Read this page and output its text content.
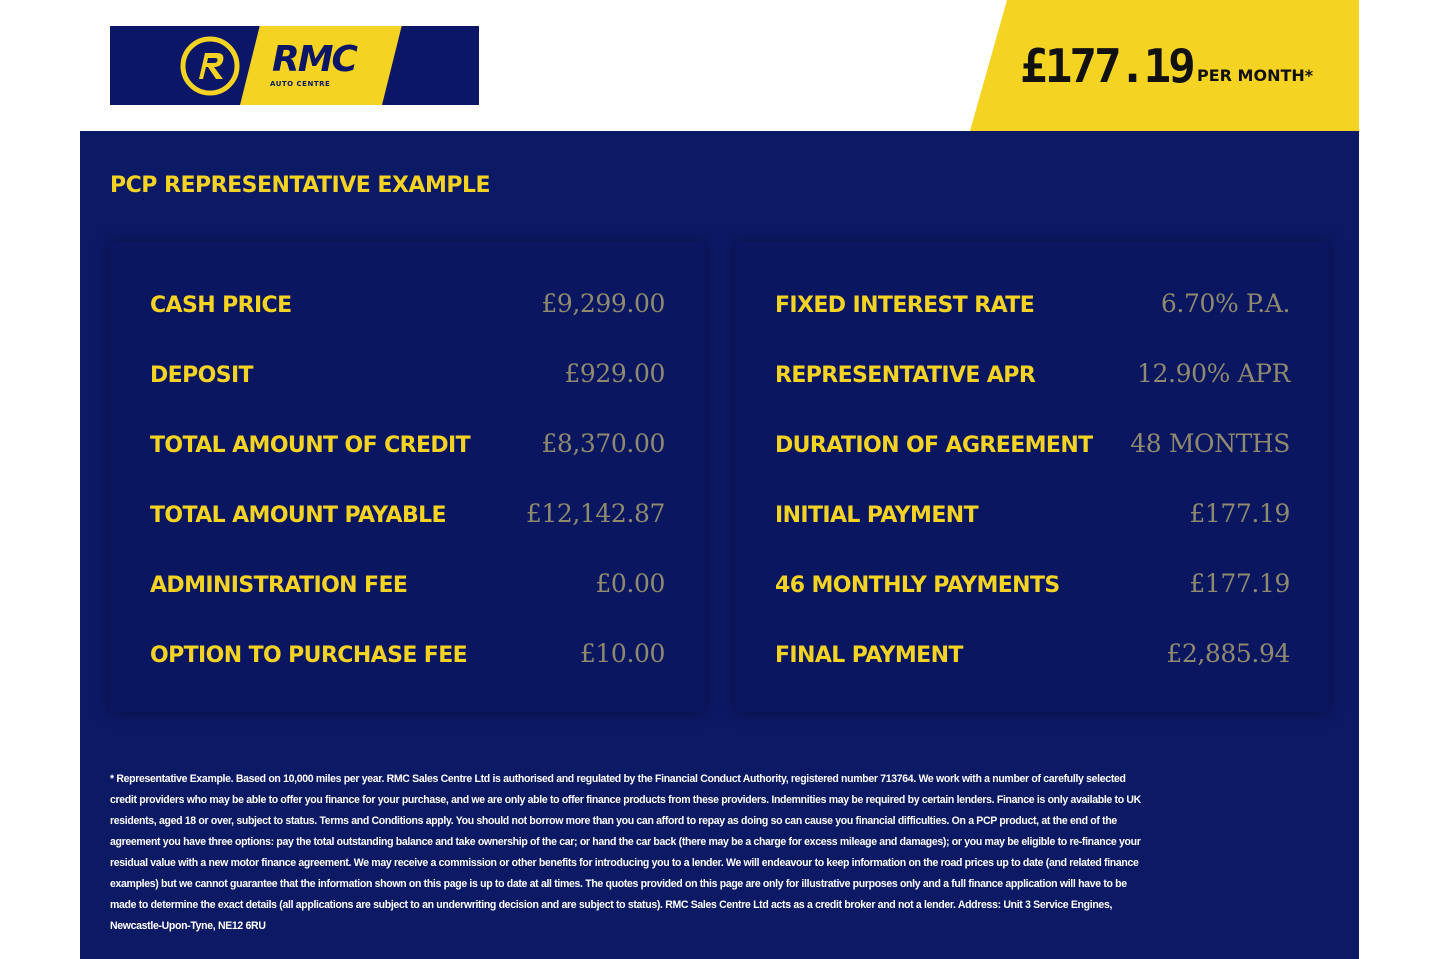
RMC
AUTO CENTRE	£177.19 PER MONTH*
PCP REPRESENTATIVE EXAMPLE
CASH PRICE	£9,299.00
DEPOSIT	£929.00
TOTAL AMOUNT OF CREDIT	£8,370.00
TOTAL AMOUNT PAYABLE	£12,142.87
ADMINISTRATION FEE	£0.00
OPTION TO PURCHASE FEE	£10.00
FIXED INTEREST RATE	6.70% P.A.
REPRESENTATIVE APR	12.90% APR
DURATION OF AGREEMENT 48 MONTHS
INITIAL PAYMENT	£177.19
46 MONTHLY PAYMENTS	£177.19
FINAL PAYMENT	£2,885.94
* Representative Example. Based on 10,000 miles per year. RMC Sales Centre Ltd is authorised and regulated by the Financial Conduct Authority, registered number 713764. We work with a number of carefully selected credit providers who may be able to offer you finance for your purchase, and we are only able to offer finance products from these providers. Indemnities may be required by certain lenders. Finance is only available to UK residents, aged 18 or over, subject to status. Terms and Conditions apply. You should not borrow more than you can afford to repay as doing so can cause you financial difficulties. On a PCP product, at the end of the agreement you have three options: pay the total outstanding balance and take ownership of the car; or hand the car back (there may be a charge for excess mileage and damages); or you may be eligible to re-finance your residual value with a new motor finance agreement. We may receive a commission or other benefits for introducing you to a lender. We will endeavour to keep information on the road prices up to date (and related finance examples) but we cannot guarantee that the information shown on this page is up to date at all times. The quotes provided on this page are only for illustrative purposes only and a full finance application will have to be made to determine the exact details (all applications are subject to an underwriting decision and are subject to status). RMC Sales Centre Ltd acts as a credit broker and not a lender. Address: Unit 3 Service Engines, Newcastle-Upon-Tyne, NE12 6RU
